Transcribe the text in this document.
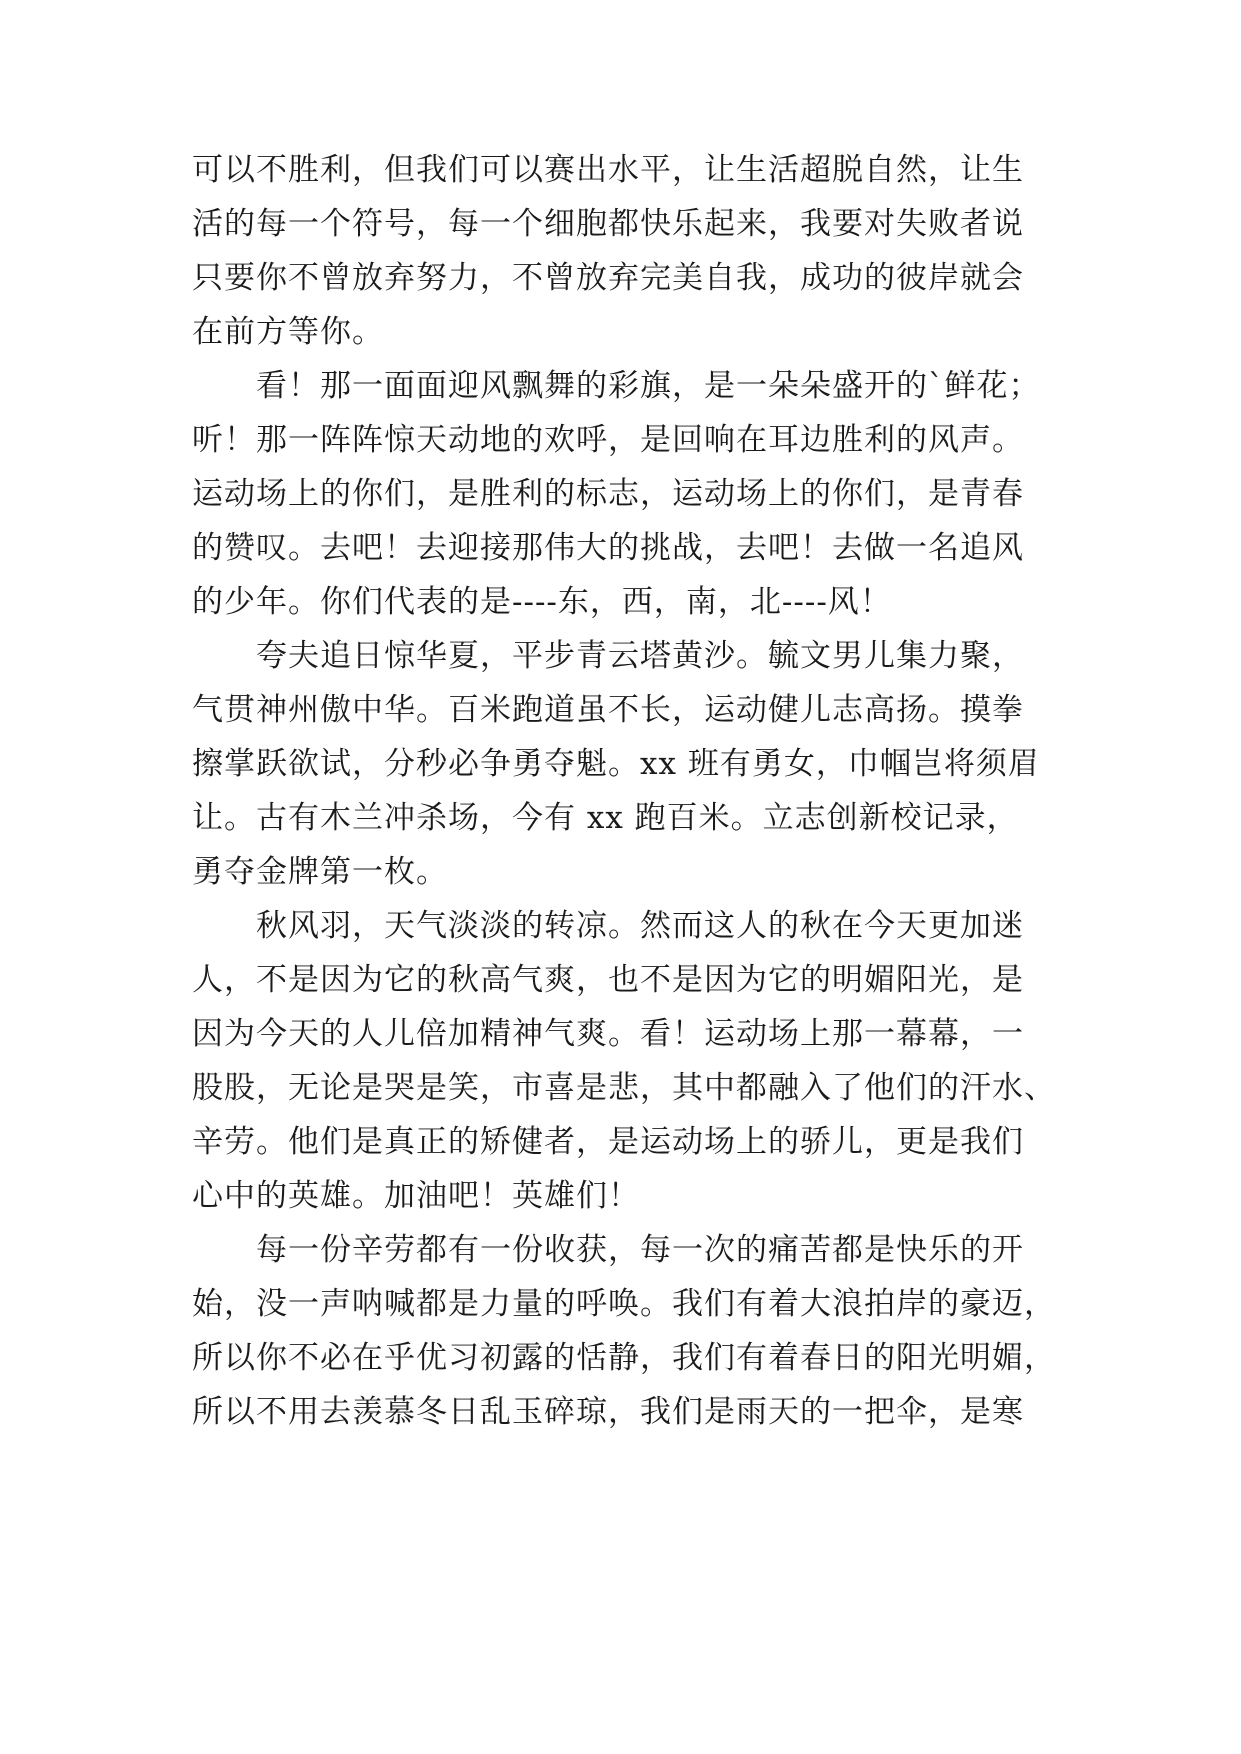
可以不胜利，但我们可以赛出水平，让生活超脱自然，让生
活的每一个符号，每一个细胞都快乐起来，我要对失败者说
只要你不曾放弃努力，不曾放弃完美自我，成功的彼岸就会
在前方等你。
看！那一面面迎风飘舞的彩旗，是一朵朵盛开的`鲜花；
听！那一阵阵惊天动地的欢呼，是回响在耳边胜利的风声。
运动场上的你们，是胜利的标志，运动场上的你们，是青春
的赞叹。去吧！去迎接那伟大的挑战，去吧！去做一名追风
的少年。你们代表的是----东，西，南，北----风！
夸夫追日惊华夏，平步青云塔黄沙。毓文男儿集力聚，
气贯神州傲中华。百米跑道虽不长，运动健儿志高扬。摸拳
擦掌跃欲试，分秒必争勇夺魁。xx 班有勇女，巾帼岂将须眉
让。古有木兰冲杀场，今有 xx 跑百米。立志创新校记录，
勇夺金牌第一枚。
秋风羽，天气淡淡的转凉。然而这人的秋在今天更加迷
人，不是因为它的秋高气爽，也不是因为它的明媚阳光，是
因为今天的人儿倍加精神气爽。看！运动场上那一幕幕，一
股股，无论是哭是笑，市喜是悲，其中都融入了他们的汗水、
辛劳。他们是真正的矫健者，是运动场上的骄儿，更是我们
心中的英雄。加油吧！英雄们！
每一份辛劳都有一份收获，每一次的痛苦都是快乐的开
始，没一声呐喊都是力量的呼唤。我们有着大浪拍岸的豪迈，
所以你不必在乎优习初露的恬静，我们有着春日的阳光明媚，
所以不用去羡慕冬日乱玉碎琼，我们是雨天的一把伞，是寒
